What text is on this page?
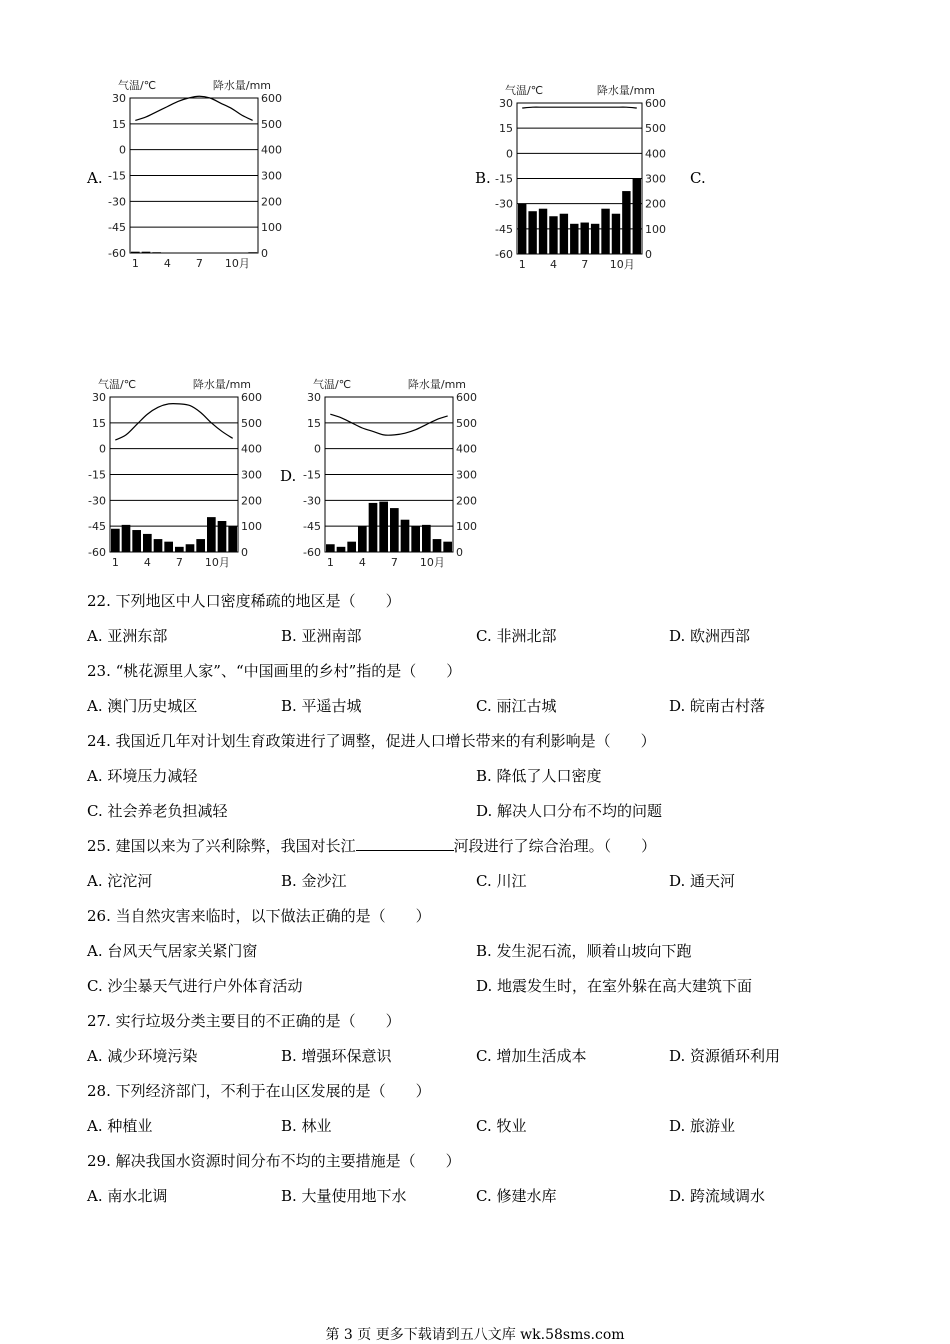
A.	B.	C.
D.
30
15
0
-15
-30
-45
-60
600
500
400
300
200
100
0
1 4 7 10月
气温/℃	降水量/mm
30
15
0
-15
-30
-45
-60
600
500
400
300
200
100
0
1 4 7 10月
气温/℃	降水量/mm
30
15
0
-15
-30
-45
-60
600
500
400
300
200
100
0
1 4 7 10月
气温/℃	降水量/mm
30
15
0
-15
-30
-45
-60
600
500
400
300
200
100
0
1 4 7 10月
气温/℃	降水量/mm
22. 下列地区中人口密度稀疏的地区是（　　）
A. 亚洲东部	B. 亚洲南部	C. 非洲北部	D. 欧洲西部
23. “桃花源里人家”、“中国画里的乡村”指的是（　　）
A. 澳门历史城区	B. 平遥古城	C. 丽江古城	D. 皖南古村落
24. 我国近几年对计划生育政策进行了调整，促进人口增长带来的有利影响是（　　）
A. 环境压力减轻	B. 降低了人口密度
C. 社会养老负担减轻	D. 解决人口分布不均的问题
25. 建国以来为了兴利除弊，我国对长江	河段进行了综合治理。（　　）
A. 沱沱河	B. 金沙江	C. 川江	D. 通天河
26. 当自然灾害来临时，以下做法正确的是（　　）
A. 台风天气居家关紧门窗	B. 发生泥石流，顺着山坡向下跑
C. 沙尘暴天气进行户外体育活动	D. 地震发生时，在室外躲在高大建筑下面
27. 实行垃圾分类主要目的不正确的是（　　）
A. 减少环境污染	B. 增强环保意识	C. 增加生活成本	D. 资源循环利用
28. 下列经济部门，不利于在山区发展的是（　　）
A. 种植业	B. 林业	C. 牧业	D. 旅游业
29. 解决我国水资源时间分布不均的主要措施是（　　）
A. 南水北调	B. 大量使用地下水	C. 修建水库	D. 跨流域调水
第 3 页 更多下载请到五八文库 wk.58sms.com
